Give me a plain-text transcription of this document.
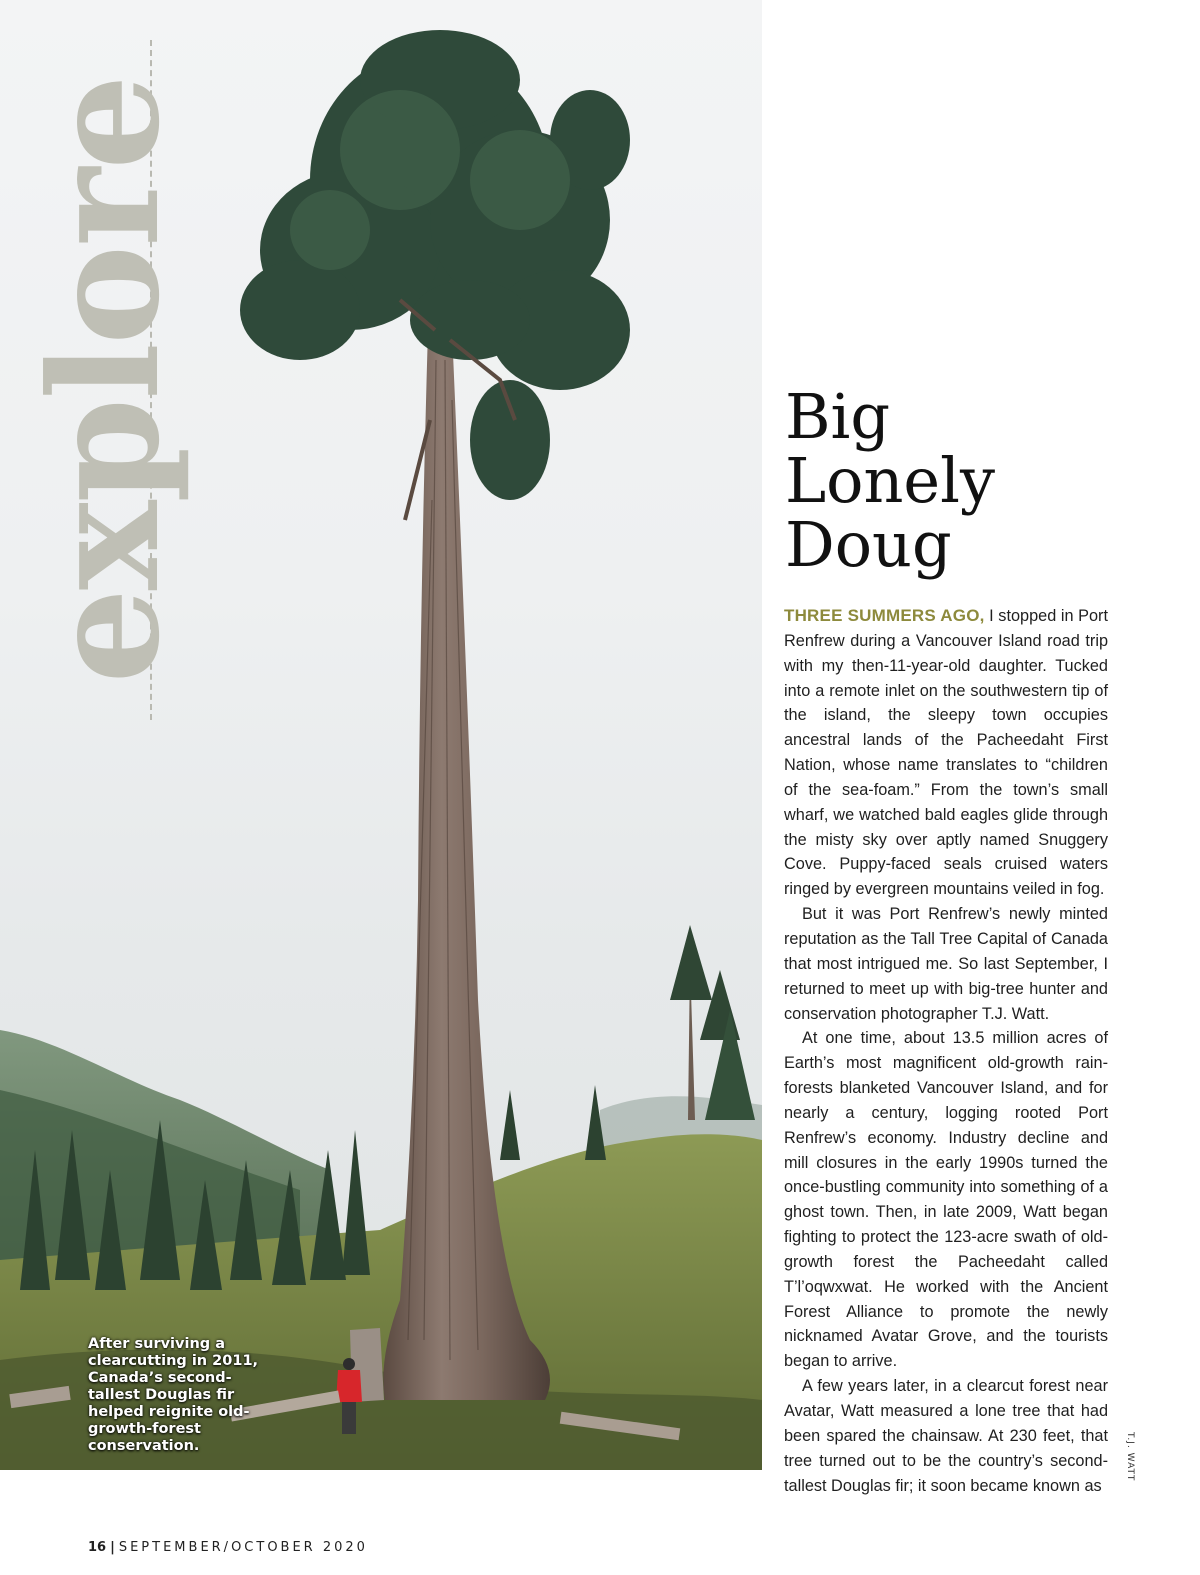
explore
After surviving a clearcutting in 2011, Canada’s second-tallest Douglas fir helped reignite old-growth-forest conservation.
Big
Lonely
Doug

THREE SUMMERS AGO, I stopped in Port Renfrew during a Vancouver Island road trip with my then-11-year-old daughter. Tucked into a remote inlet on the southwestern tip of the island, the sleepy town occupies ancestral lands of the Pacheedaht First Nation, whose name translates to “children of the sea-foam.” From the town’s small wharf, we watched bald eagles glide through the misty sky over aptly named Snuggery Cove. Puppy-faced seals cruised waters ringed by evergreen mountains veiled in fog.

But it was Port Renfrew’s newly minted reputation as the Tall Tree Capital of Canada that most intrigued me. So last September, I returned to meet up with big-tree hunter and conservation photographer T.J. Watt.

At one time, about 13.5 million acres of Earth’s most magnificent old-growth rain-forests blanketed Vancouver Island, and for nearly a century, logging rooted Port Renfrew’s economy. Industry decline and mill closures in the early 1990s turned the once-bustling community into something of a ghost town. Then, in late 2009, Watt began fighting to protect the 123-acre swath of old-growth forest the Pacheedaht called T’l’oqwxwat. He worked with the Ancient Forest Alliance to promote the newly nicknamed Avatar Grove, and the tourists began to arrive.

A few years later, in a clearcut forest near Avatar, Watt measured a lone tree that had been spared the chainsaw. At 230 feet, that tree turned out to be the country’s second-tallest Douglas fir; it soon became known as

T.J. WATT
16 | SEPTEMBER/OCTOBER 2020
